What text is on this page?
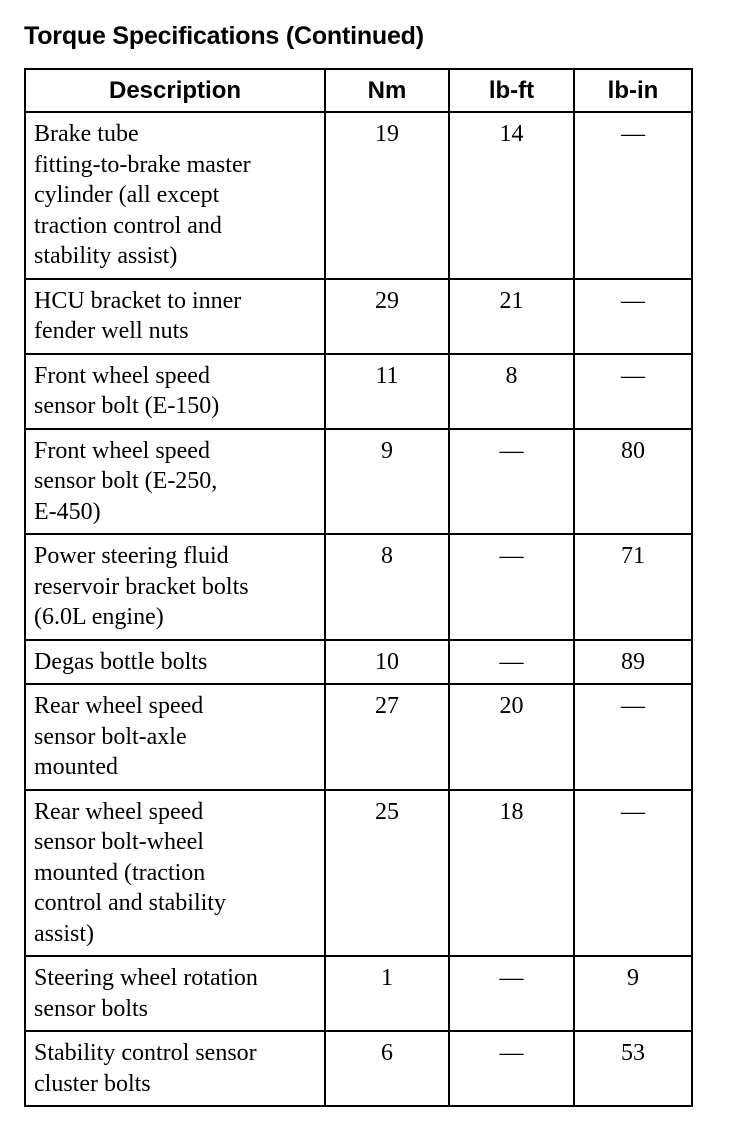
Torque Specifications (Continued)
Description	Nm	lb-ft	lb-in
Brake tube
fitting-to-brake master
cylinder (all except
traction control and
stability assist)	19	14	—
HCU bracket to inner
fender well nuts	29	21	—
Front wheel speed
sensor bolt (E-150)	11	8	—
Front wheel speed
sensor bolt (E-250,
E-450)	9	—	80
Power steering fluid
reservoir bracket bolts
(6.0L engine)	8	—	71
Degas bottle bolts	10	—	89
Rear wheel speed
sensor bolt-axle
mounted	27	20	—
Rear wheel speed
sensor bolt-wheel
mounted (traction
control and stability
assist)	25	18	—
Steering wheel rotation
sensor bolts	1	—	9
Stability control sensor
cluster bolts	6	—	53
